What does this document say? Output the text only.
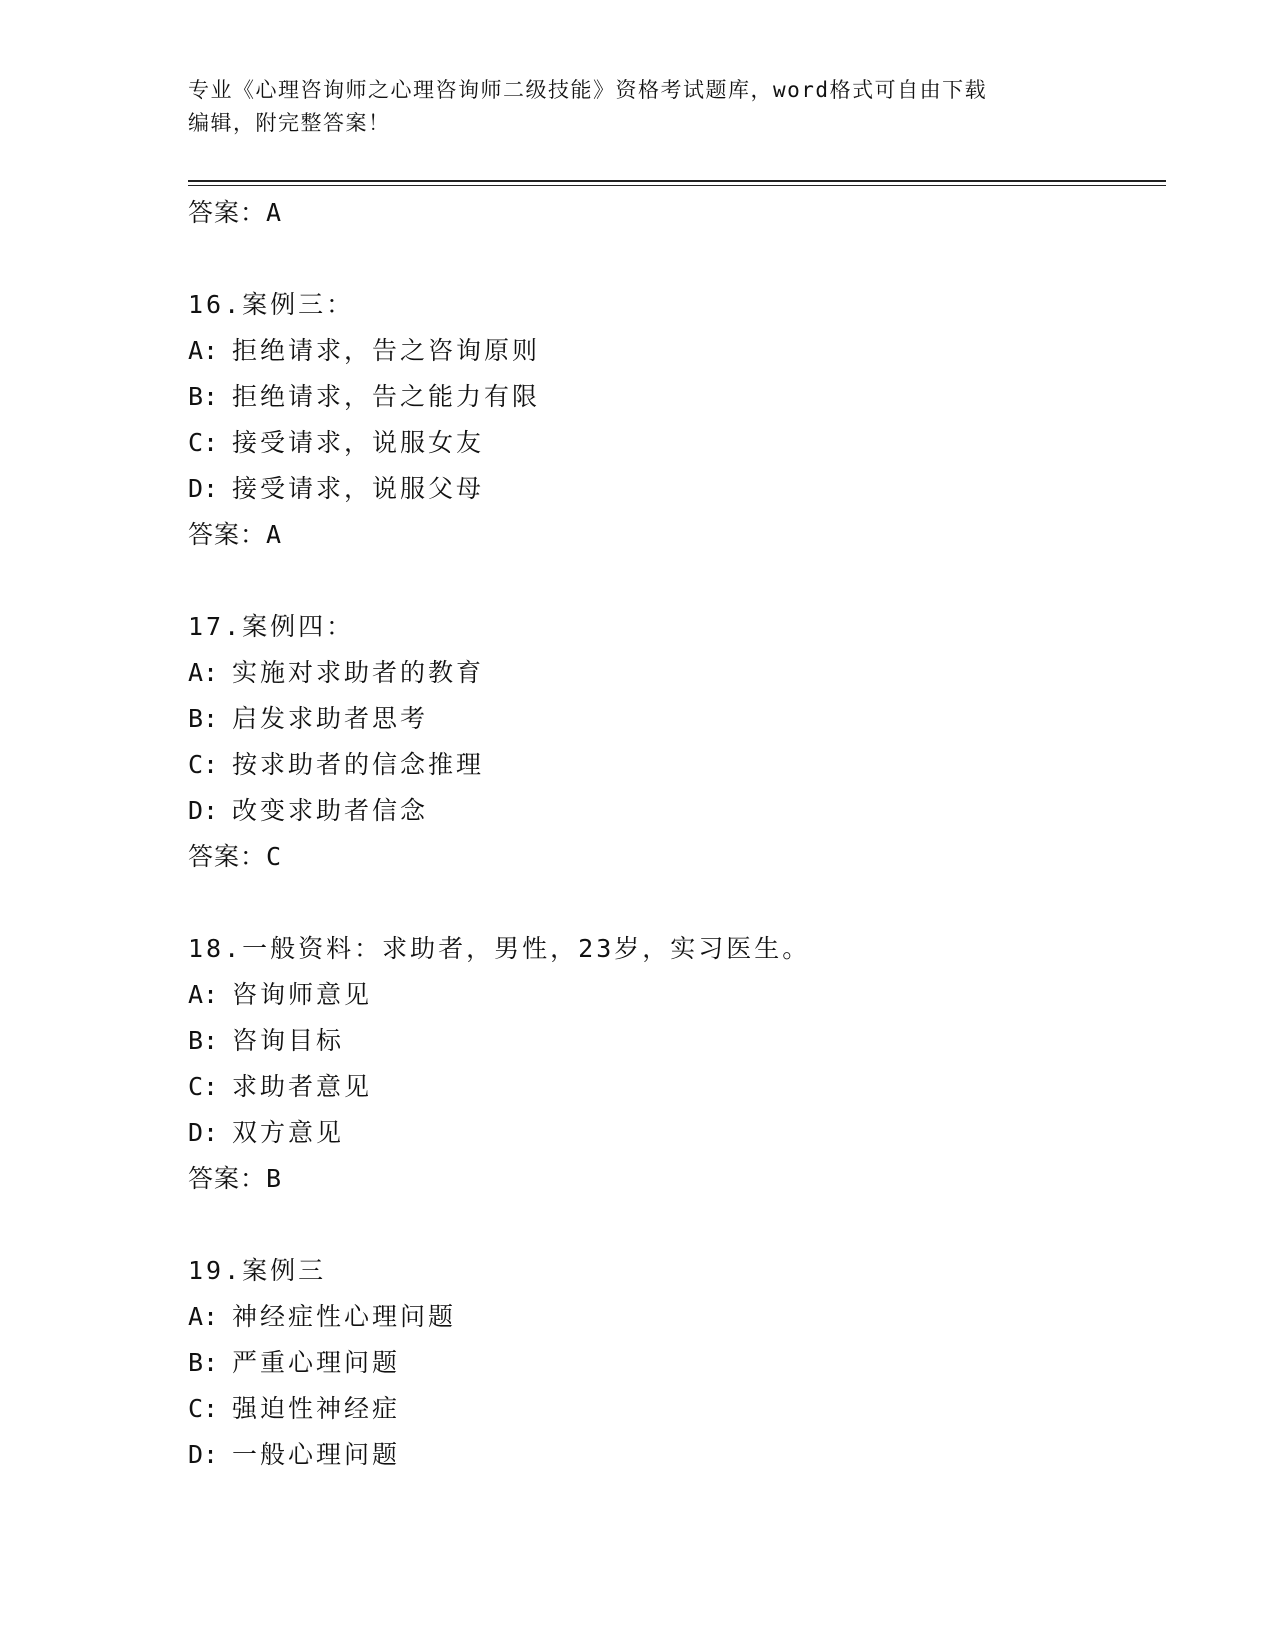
专业《心理咨询师之心理咨询师二级技能》资格考试题库，word格式可自由下载
编辑，附完整答案！
答案：A
16.案例三：
A: 拒绝请求，告之咨询原则
B: 拒绝请求，告之能力有限
C: 接受请求，说服女友
D: 接受请求，说服父母
答案：A
17.案例四：
A: 实施对求助者的教育
B: 启发求助者思考
C: 按求助者的信念推理
D: 改变求助者信念
答案：C
18.一般资料：求助者，男性，23岁，实习医生。
A: 咨询师意见
B: 咨询目标
C: 求助者意见
D: 双方意见
答案：B
19.案例三
A: 神经症性心理问题
B: 严重心理问题
C: 强迫性神经症
D: 一般心理问题
